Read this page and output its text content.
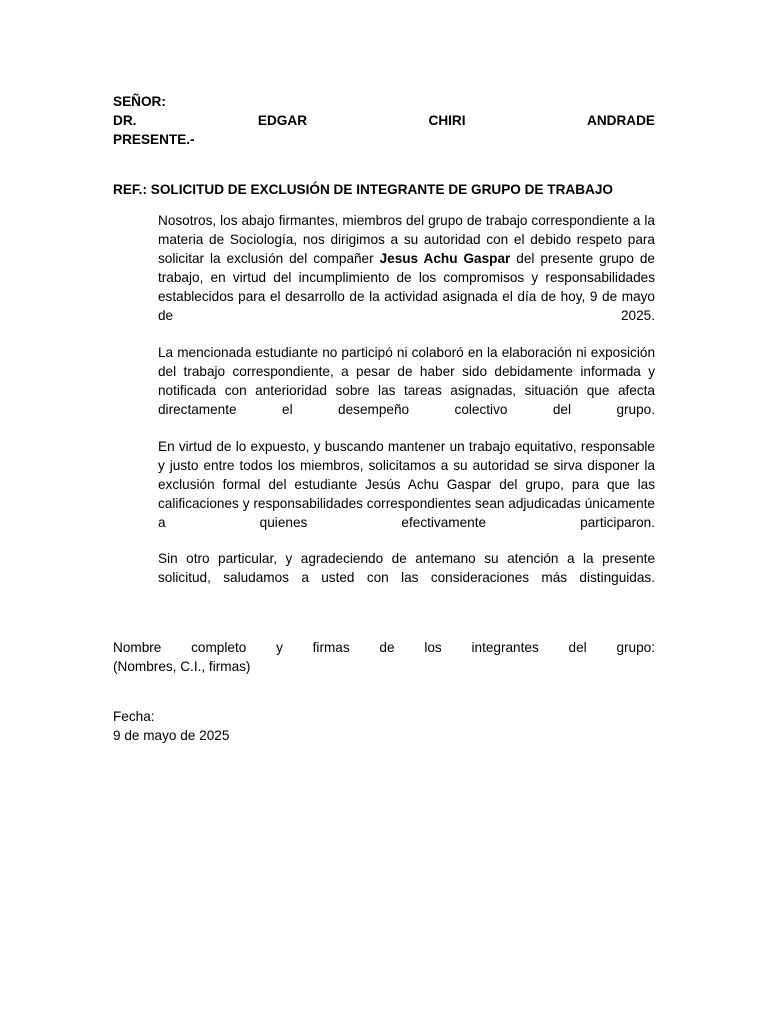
SEÑOR:
DR.	EDGAR	CHIRI	ANDRADE
PRESENTE.-
REF.: SOLICITUD DE EXCLUSIÓN DE INTEGRANTE DE GRUPO DE TRABAJO

Nosotros, los abajo firmantes, miembros del grupo de trabajo correspondiente a la materia de Sociología, nos dirigimos a su autoridad con el debido respeto para solicitar la exclusión del compañer Jesus Achu Gaspar del presente grupo de trabajo, en virtud del incumplimiento de los compromisos y responsabilidades establecidos para el desarrollo de la actividad asignada el día de hoy, 9 de mayo de 2025.

La mencionada estudiante no participó ni colaboró en la elaboración ni exposición del trabajo correspondiente, a pesar de haber sido debidamente informada y notificada con anterioridad sobre las tareas asignadas, situación que afecta directamente el desempeño colectivo del grupo.

En virtud de lo expuesto, y buscando mantener un trabajo equitativo, responsable y justo entre todos los miembros, solicitamos a su autoridad se sirva disponer la exclusión formal del estudiante Jesús Achu Gaspar del grupo, para que las calificaciones y responsabilidades correspondientes sean adjudicadas únicamente a quienes efectivamente participaron.

Sin otro particular, y agradeciendo de antemano su atención a la presente solicitud, saludamos a usted con las consideraciones más distinguidas.

Nombre completo y firmas de los integrantes del grupo:
(Nombres, C.I., firmas)
Fecha:
9 de mayo de 2025
